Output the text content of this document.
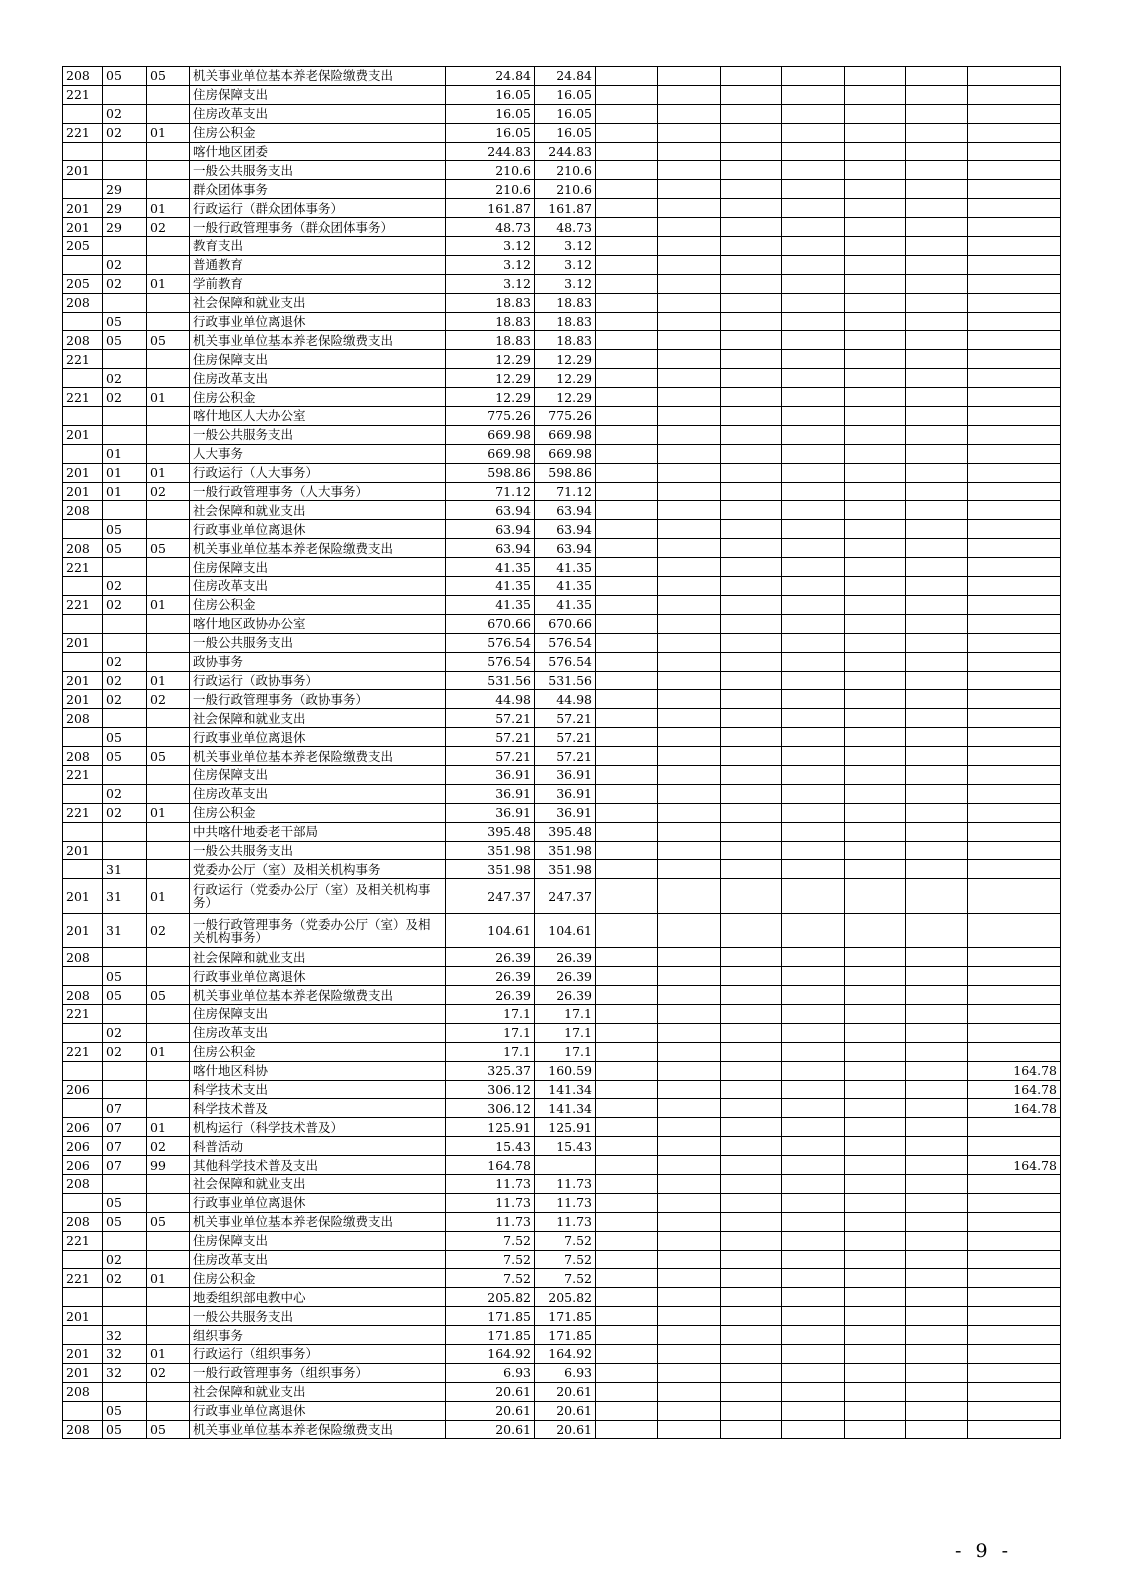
208	05	05	机关事业单位基本养老保险缴费支出	24.84	24.84							
221			住房保障支出	16.05	16.05							
	02		住房改革支出	16.05	16.05							
221	02	01	住房公积金	16.05	16.05							
			喀什地区团委	244.83	244.83							
201			一般公共服务支出	210.6	210.6							
	29		群众团体事务	210.6	210.6							
201	29	01	行政运行（群众团体事务）	161.87	161.87							
201	29	02	一般行政管理事务（群众团体事务）	48.73	48.73							
205			教育支出	3.12	3.12							
	02		普通教育	3.12	3.12							
205	02	01	学前教育	3.12	3.12							
208			社会保障和就业支出	18.83	18.83							
	05		行政事业单位离退休	18.83	18.83							
208	05	05	机关事业单位基本养老保险缴费支出	18.83	18.83							
221			住房保障支出	12.29	12.29							
	02		住房改革支出	12.29	12.29							
221	02	01	住房公积金	12.29	12.29							
			喀什地区人大办公室	775.26	775.26							
201			一般公共服务支出	669.98	669.98							
	01		人大事务	669.98	669.98							
201	01	01	行政运行（人大事务）	598.86	598.86							
201	01	02	一般行政管理事务（人大事务）	71.12	71.12							
208			社会保障和就业支出	63.94	63.94							
	05		行政事业单位离退休	63.94	63.94							
208	05	05	机关事业单位基本养老保险缴费支出	63.94	63.94							
221			住房保障支出	41.35	41.35							
	02		住房改革支出	41.35	41.35							
221	02	01	住房公积金	41.35	41.35							
			喀什地区政协办公室	670.66	670.66							
201			一般公共服务支出	576.54	576.54							
	02		政协事务	576.54	576.54							
201	02	01	行政运行（政协事务）	531.56	531.56							
201	02	02	一般行政管理事务（政协事务）	44.98	44.98							
208			社会保障和就业支出	57.21	57.21							
	05		行政事业单位离退休	57.21	57.21							
208	05	05	机关事业单位基本养老保险缴费支出	57.21	57.21							
221			住房保障支出	36.91	36.91							
	02		住房改革支出	36.91	36.91							
221	02	01	住房公积金	36.91	36.91							
			中共喀什地委老干部局	395.48	395.48							
201			一般公共服务支出	351.98	351.98							
	31		党委办公厅（室）及相关机构事务	351.98	351.98							
201	31	01	行政运行（党委办公厅（室）及相关机构事务）	247.37	247.37							
201	31	02	一般行政管理事务（党委办公厅（室）及相关机构事务）	104.61	104.61							
208			社会保障和就业支出	26.39	26.39							
	05		行政事业单位离退休	26.39	26.39							
208	05	05	机关事业单位基本养老保险缴费支出	26.39	26.39							
221			住房保障支出	17.1	17.1							
	02		住房改革支出	17.1	17.1							
221	02	01	住房公积金	17.1	17.1							
			喀什地区科协	325.37	160.59							164.78
206			科学技术支出	306.12	141.34							164.78
	07		科学技术普及	306.12	141.34							164.78
206	07	01	机构运行（科学技术普及）	125.91	125.91							
206	07	02	科普活动	15.43	15.43							
206	07	99	其他科学技术普及支出	164.78								164.78
208			社会保障和就业支出	11.73	11.73							
	05		行政事业单位离退休	11.73	11.73							
208	05	05	机关事业单位基本养老保险缴费支出	11.73	11.73							
221			住房保障支出	7.52	7.52							
	02		住房改革支出	7.52	7.52							
221	02	01	住房公积金	7.52	7.52							
			地委组织部电教中心	205.82	205.82							
201			一般公共服务支出	171.85	171.85							
	32		组织事务	171.85	171.85							
201	32	01	行政运行（组织事务）	164.92	164.92							
201	32	02	一般行政管理事务（组织事务）	6.93	6.93							
208			社会保障和就业支出	20.61	20.61							
	05		行政事业单位离退休	20.61	20.61							
208	05	05	机关事业单位基本养老保险缴费支出	20.61	20.61							
- 9 -
